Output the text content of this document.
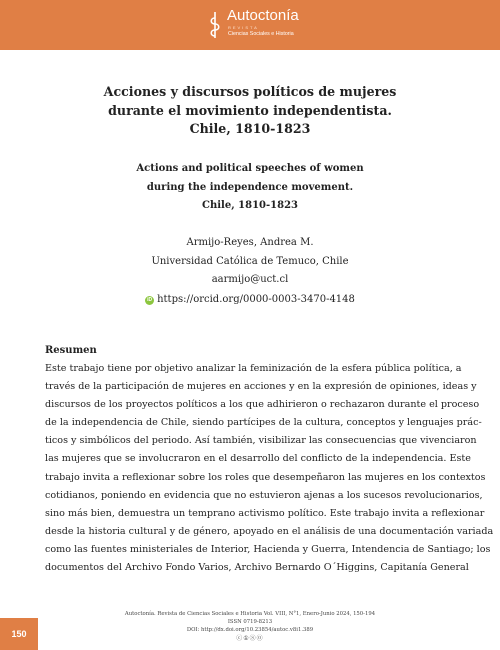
Autoctonía
REVISTA
Ciencias Sociales e Historia
Acciones y discursos políticos de mujeres
durante el movimiento independentista.
Chile, 1810-1823
Actions and political speeches of women
during the independence movement.
Chile, 1810-1823
Armijo-Reyes, Andrea M.
Universidad Católica de Temuco, Chile
aarmijo@uct.cl
iD https://orcid.org/0000-0003-3470-4148
Resumen
Este trabajo tiene por objetivo analizar la feminización de la esfera pública política, a
través de la participación de mujeres en acciones y en la expresión de opiniones, ideas y
discursos de los proyectos políticos a los que adhirieron o rechazaron durante el proceso
de la independencia de Chile, siendo partícipes de la cultura, conceptos y lenguajes prác-
ticos y simbólicos del periodo. Así también, visibilizar las consecuencias que vivenciaron
las mujeres que se involucraron en el desarrollo del conflicto de la independencia. Este
trabajo invita a reflexionar sobre los roles que desempeñaron las mujeres en los contextos
cotidianos, poniendo en evidencia que no estuvieron ajenas a los sucesos revolucionarios,
sino más bien, demuestra un temprano activismo político. Este trabajo invita a reflexionar
desde la historia cultural y de género, apoyado en el análisis de una documentación variada
como las fuentes ministeriales de Interior, Hacienda y Guerra, Intendencia de Santiago; los
documentos del Archivo Fondo Varios, Archivo Bernardo O´Higgins, Capitanía General
Autoctonía. Revista de Ciencias Sociales e Historia Vol. VIII, N°1, Enero-Junio 2024, 150-194
ISSN 0719-8213
DOI: http://dx.doi.org/10.23854/autoc.v8i1.389
ⓒ①Ⓢ⓪
150
